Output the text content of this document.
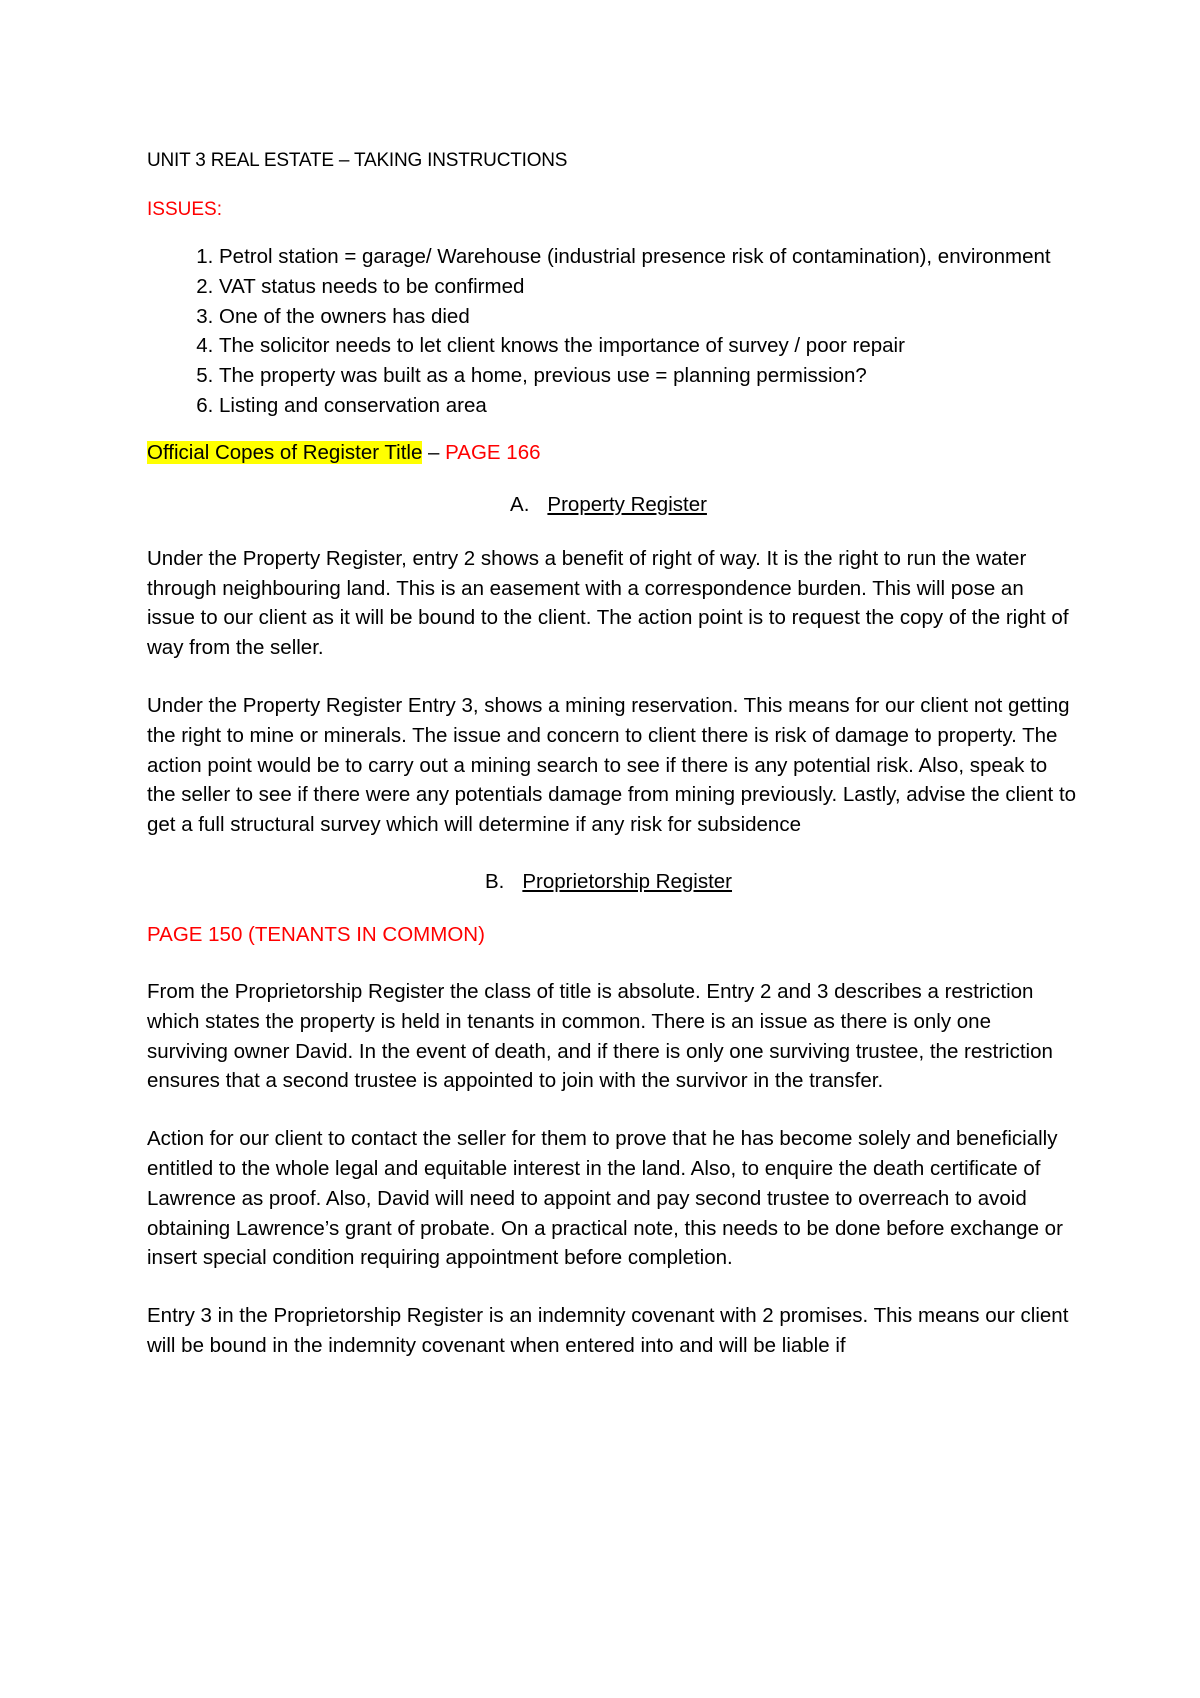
UNIT 3 REAL ESTATE – TAKING INSTRUCTIONS
ISSUES:
1. Petrol station = garage/ Warehouse (industrial presence risk of contamination), environment
2. VAT status needs to be confirmed
3. One of the owners has died
4. The solicitor needs to let client knows the importance of survey / poor repair
5. The property was built as a home, previous use = planning permission?
6. Listing and conservation area
Official Copes of Register Title – PAGE 166
A. Property Register

Under the Property Register, entry 2 shows a benefit of right of way. It is the right to run the water through neighbouring land. This is an easement with a correspondence burden. This will pose an issue to our client as it will be bound to the client. The action point is to request the copy of the right of way from the seller.

Under the Property Register Entry 3, shows a mining reservation. This means for our client not getting the right to mine or minerals. The issue and concern to client there is risk of damage to property. The action point would be to carry out a mining search to see if there is any potential risk. Also, speak to the seller to see if there were any potentials damage from mining previously. Lastly, advise the client to get a full structural survey which will determine if any risk for subsidence

B. Proprietorship Register
PAGE 150 (TENANTS IN COMMON)

From the Proprietorship Register the class of title is absolute. Entry 2 and 3 describes a restriction which states the property is held in tenants in common. There is an issue as there is only one surviving owner David. In the event of death, and if there is only one surviving trustee, the restriction ensures that a second trustee is appointed to join with the survivor in the transfer.

Action for our client to contact the seller for them to prove that he has become solely and beneficially entitled to the whole legal and equitable interest in the land. Also, to enquire the death certificate of Lawrence as proof. Also, David will need to appoint and pay second trustee to overreach to avoid obtaining Lawrence’s grant of probate. On a practical note, this needs to be done before exchange or insert special condition requiring appointment before completion.

Entry 3 in the Proprietorship Register is an indemnity covenant with 2 promises. This means our client will be bound in the indemnity covenant when entered into and will be liable if
